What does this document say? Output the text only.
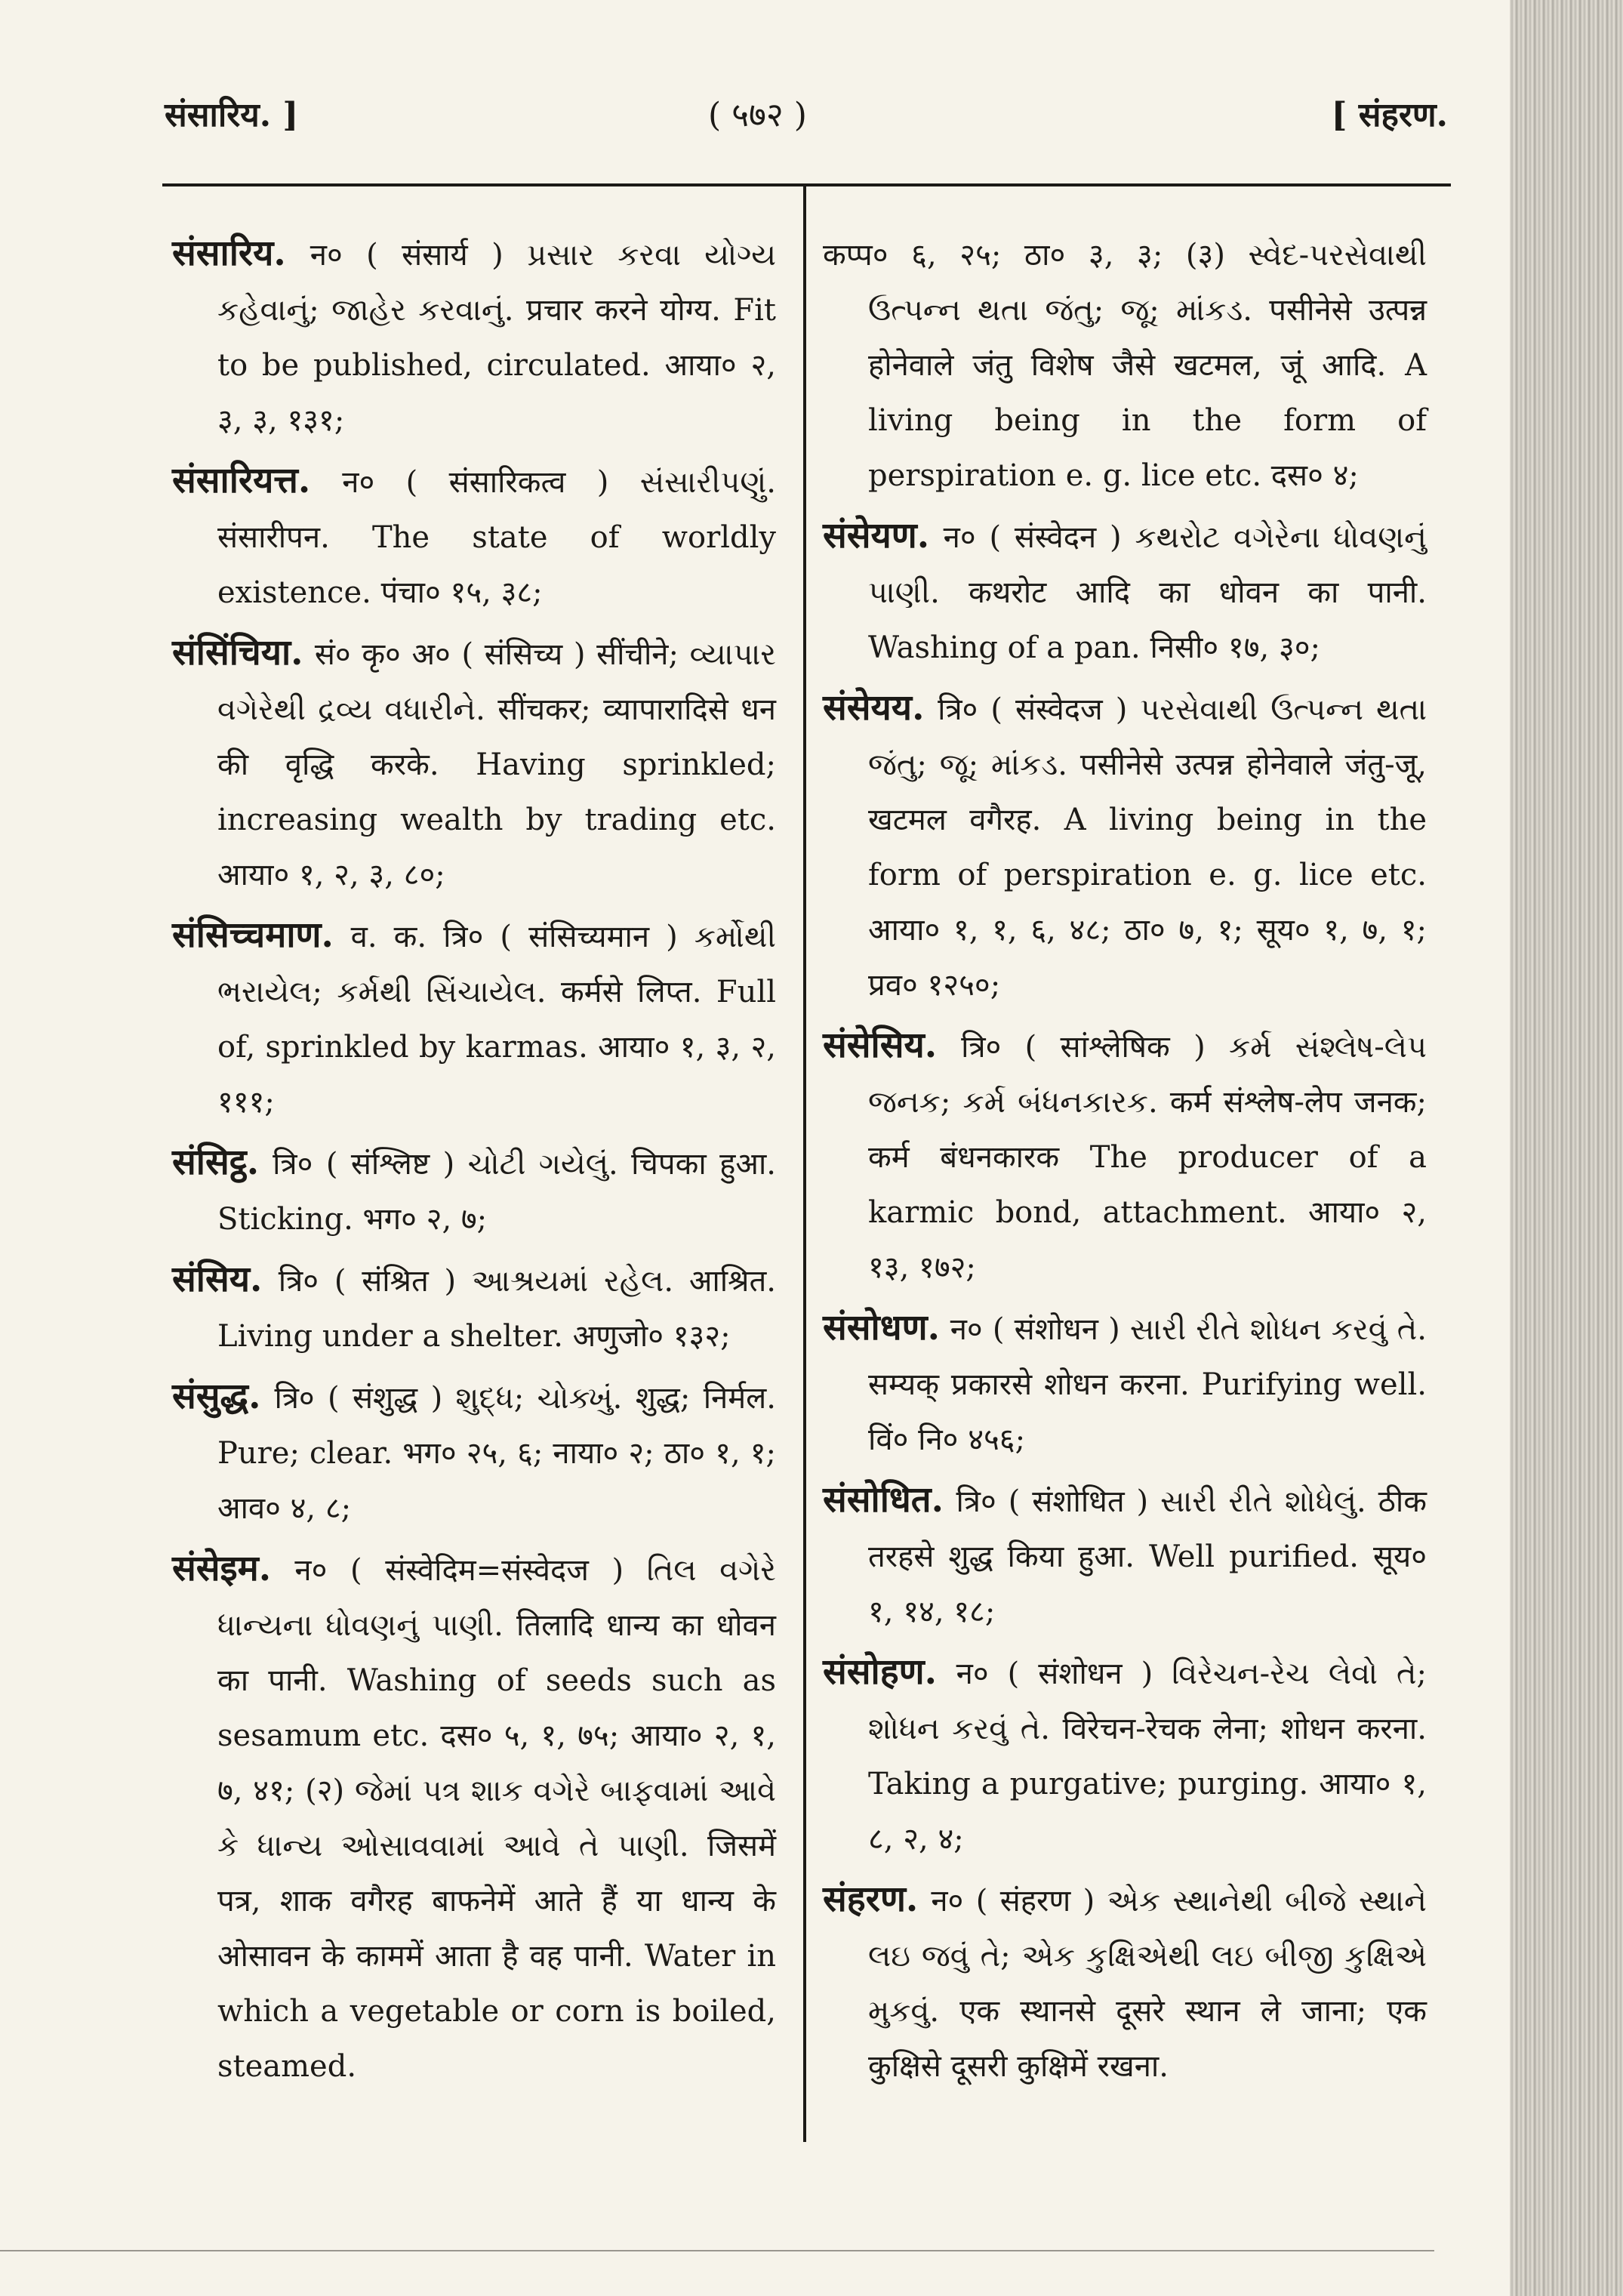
संसारिय. ]	( ५७२ )	[ संहरण.

संसारिय. न० ( संसार्य ) પ્રસાર કરવા યોગ્ય કહેવાનું; જાહેર કરવાનું. प्रचार करने योग्य. Fit to be published, circulated. आया० २, ३, ३, १३१;

संसारियत्त. न० ( संसारिकत्व ) સંસારીપણું. संसारीपन. The state of worldly existence. पंचा० १५, ३८;

संसिंचिया. सं० कृ० अ० ( संसिच्य ) सींचीने; વ્યાપાર વગેરેથી દ્રવ્ય વધારીને. सींचकर; व्यापारादिसे धन की वृद्धि करके. Having sprinkled; increasing wealth by trading etc. आया० १, २, ३, ८०;

संसिच्चमाण. व. क. त्रि० ( संसिच्यमान ) કર્મોથી ભરાયેલ; કર્મથી સિંચાયેલ. कर्मसे लिप्त. Full of, sprinkled by karmas. आया० १, ३, २, १११;

संसिट्ठ. त्रि० ( संश्लिष्ट ) ચોટી ગયેલું. चिपका हुआ. Sticking. भग० २, ७;

संसिय. त्रि० ( संश्रित ) આશ્રયમાં રહેલ. आश्रित. Living under a shelter. अणुजो० १३२;

संसुद्ध. त्रि० ( संशुद्ध ) શુદ્ધ; ચોક્ખું. शुद्ध; निर्मल. Pure; clear. भग० २५, ६; नाया० २; ठा० १, १; आव० ४, ८;

संसेइम. न० ( संस्वेदिम=संस्वेदज ) તિલ વગેરે ધાન્યના ધોવણનું પાણી. तिलादि धान्य का धोवन का पानी. Washing of seeds such as sesamum etc. दस० ५, १, ७५; आया० २, १, ७, ४१; (२) જેમાં પત્ર શાક વગેરે બાફવામાં આવે કે ધાન્ય ઓસાવવામાં આવે તે પાણી. जिसमें पत्र, शाक वगैरह बाफनेमें आते हैं या धान्य के ओसावन के काममें आता है वह पानी. Water in which a vegetable or corn is boiled, steamed.

कप्प० ६, २५; ठा० ३, ३; (३) સ્વેદ-પરસેવાથી ઉત્પન્ન થતા જંતુ; જૂ; માંકડ. पसीनेसे उत्पन्न होनेवाले जंतु विशेष जैसे खटमल, जूं आदि. A living being in the form of perspiration e. g. lice etc. दस० ४;

संसेयण. न० ( संस्वेदन ) કથરોટ વગેરેના ધોવણનું પાણી. कथरोट आदि का धोवन का पानी. Washing of a pan. निसी० १७, ३०;

संसेयय. त्रि० ( संस्वेदज ) પરસેવાથી ઉત્પન્ન થતા જંતુ; જૂ; માંકડ. पसीनेसे उत्पन्न होनेवाले जंतु-जू, खटमल वगैरह. A living being in the form of perspiration e. g. lice etc. आया० १, १, ६, ४८; ठा० ७, १; सूय० १, ७, १; प्रव० १२५०;

संसेसिय. त्रि० ( सांश्लेषिक ) કર્મ સંશ્લેષ-લેપ જનક; કર્મ બંધનકારક. कर्म संश्लेष-लेप जनक; कर्म बंधनकारक The producer of a karmic bond, attachment. आया० २, १३, १७२;

संसोधण. न० ( संशोधन ) સારી રીતે શોધન કરવું તે. सम्यक् प्रकारसे शोधन करना. Purifying well. विं० नि० ४५६;

संसोधित. त्रि० ( संशोधित ) સારી રીતે શોધેલું. ठीक तरहसे शुद्ध किया हुआ. Well purified. सूय० १, १४, १८;

संसोहण. न० ( संशोधन ) વિરેચન-રેચ લેવો તે; શોધન કરવું તે. विरेचन-रेचक लेना; शोधन करना. Taking a purgative; purging. आया० १, ८, २, ४;

संहरण. न० ( संहरण ) એક સ્થાનેથી બીજે સ્થાને લઇ જવું તે; એક કુક્ષિએથી લઇ બીજી કુક્ષિએ મુકવું. एक स्थानसे दूसरे स्थान ले जाना; एक कुक्षिसे दूसरी कुक्षिमें रखना.
